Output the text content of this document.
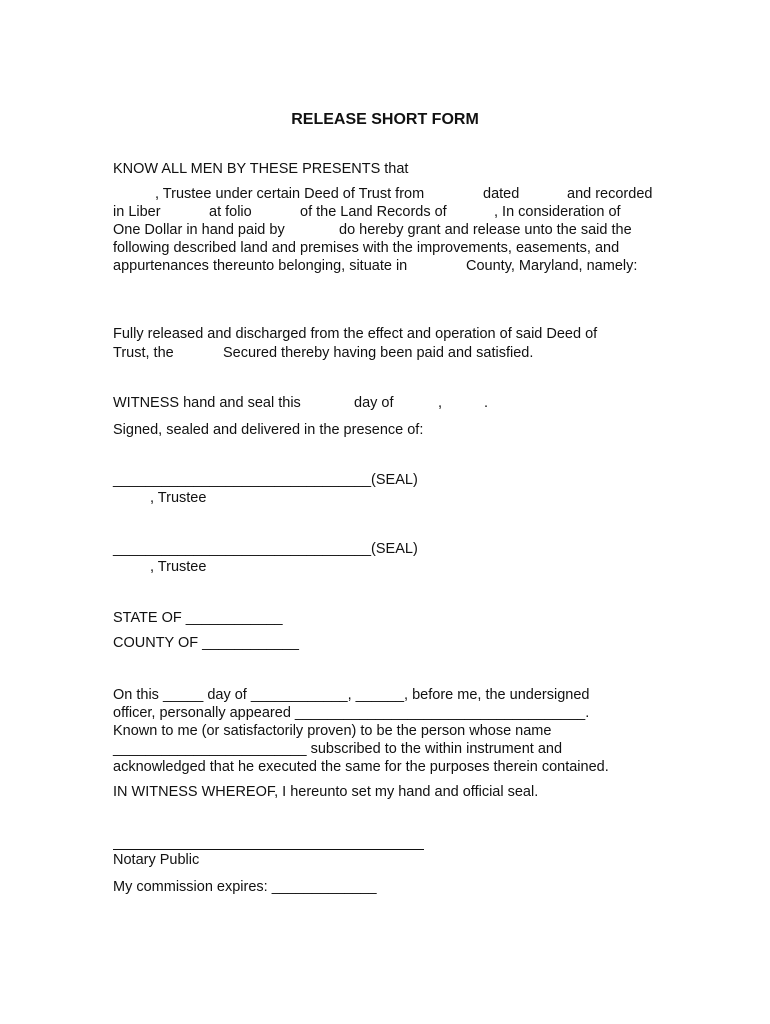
RELEASE SHORT FORM
KNOW ALL MEN BY THESE PRESENTS that
, Trustee under certain Deed of Trust from	dated	and recorded
in Liber	at folio	of the Land Records of	, In consideration of
One Dollar in hand paid by	do hereby grant and release unto the said the
following described land and premises with the improvements, easements, and
appurtenances thereunto belonging, situate in	County, Maryland, namely:
Fully released and discharged from the effect and operation of said Deed of
Trust, the	Secured thereby having been paid and satisfied.
WITNESS hand and seal this	day of	,	.
Signed, sealed and delivered in the presence of:
________________________________(SEAL)
, Trustee
________________________________(SEAL)
, Trustee
STATE OF ____________
COUNTY OF ____________
On this _____ day of ____________, ______, before me, the undersigned
officer, personally appeared ____________________________________.
Known to me (or satisfactorily proven) to be the person whose name
________________________ subscribed to the within instrument and
acknowledged that he executed the same for the purposes therein contained.
IN WITNESS WHEREOF, I hereunto set my hand and official seal.
Notary Public
My commission expires: _____________
